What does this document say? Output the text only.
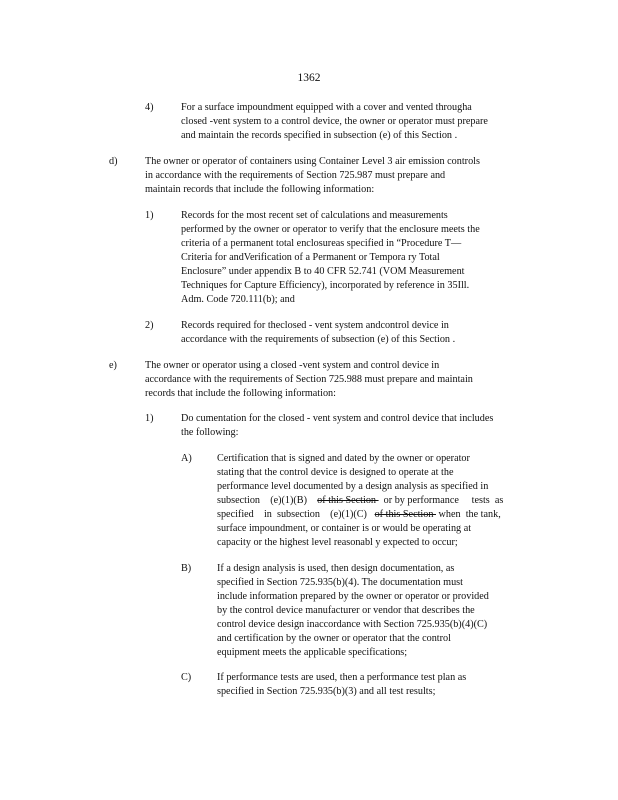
1362
4)	For a surface impoundment equipped with a cover and vented througha

closed -vent system to a control device, the owner or operator must prepare

and maintain the records specified in subsection (e) of this Section .

d)	The owner or operator of containers using Container Level 3 air emission controls

in accordance with the requirements of Section 725.987 must prepare and

maintain records that include the following information:

1)	Records for the most recent set of calculations and measurements

performed by the owner or operator to verify that the enclosure meets the

criteria of a permanent total enclosureas specified in “Procedure T—

Criteria for andVerification of a Permanent or Tempora ry Total

Enclosure” under appendix B to 40 CFR 52.741 (VOM Measurement

Techniques for Capture Efficiency), incorporated by reference in 35Ill.

Adm. Code 720.111(b); and

2)	Records required for theclosed - vent system andcontrol device in

accordance with the requirements of subsection (e) of this Section .

e)	The owner or operator using a closed -vent system and control device in

accordance with the requirements of Section 725.988 must prepare and maintain

records that include the following information:

1)	Do cumentation for the closed - vent system and control device that includes

the following:

A) Certification that is signed and dated by the owner or operator

stating that the control device is designed to operate at the

performance level documented by a design analysis as specified in

subsection    (e)(1)(B)    of this Section   or by performance     tests  as

specified    in  subsection    (e)(1)(C)   of this Section  when  the tank,

surface impoundment, or container is or would be operating at

capacity or the highest level reasonabl y expected to occur;

B)	If a design analysis is used, then design documentation, as

specified in Section 725.935(b)(4). The documentation must

include information prepared by the owner or operator or provided

by the control device manufacturer or vendor that describes the

control device design inaccordance with Section 725.935(b)(4)(C)

and certification by the owner or operator that the control

equipment meets the applicable specifications;

C)	If performance tests are used, then a performance test plan as

specified in Section 725.935(b)(3) and all test results;
